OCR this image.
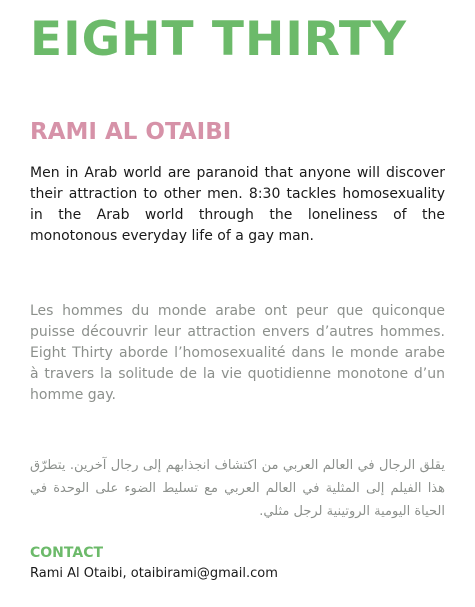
EIGHT THIRTY
RAMI AL OTAIBI

Men in Arab world are paranoid that anyone will discover their attraction to other men. 8:30 tackles homosexuality in the Arab world through the loneliness of the monotonous everyday life of a gay man.

Les hommes du monde arabe ont peur que quiconque puisse découvrir leur attraction envers d’autres hommes. Eight Thirty aborde l’homosexualité dans le monde arabe à travers la solitude de la vie quotidienne monotone d’un homme gay.

يقلق الرجال في العالم العربي من اكتشاف انجذابهم إلى رجال آخرين. يتطرّق هذا الفيلم إلى المثلية في العالم العربي مع تسليط الضوء على الوحدة في الحياة اليومية الروتينية لرجل مثلي.

CONTACT

Rami Al Otaibi, otaibirami@gmail.com
